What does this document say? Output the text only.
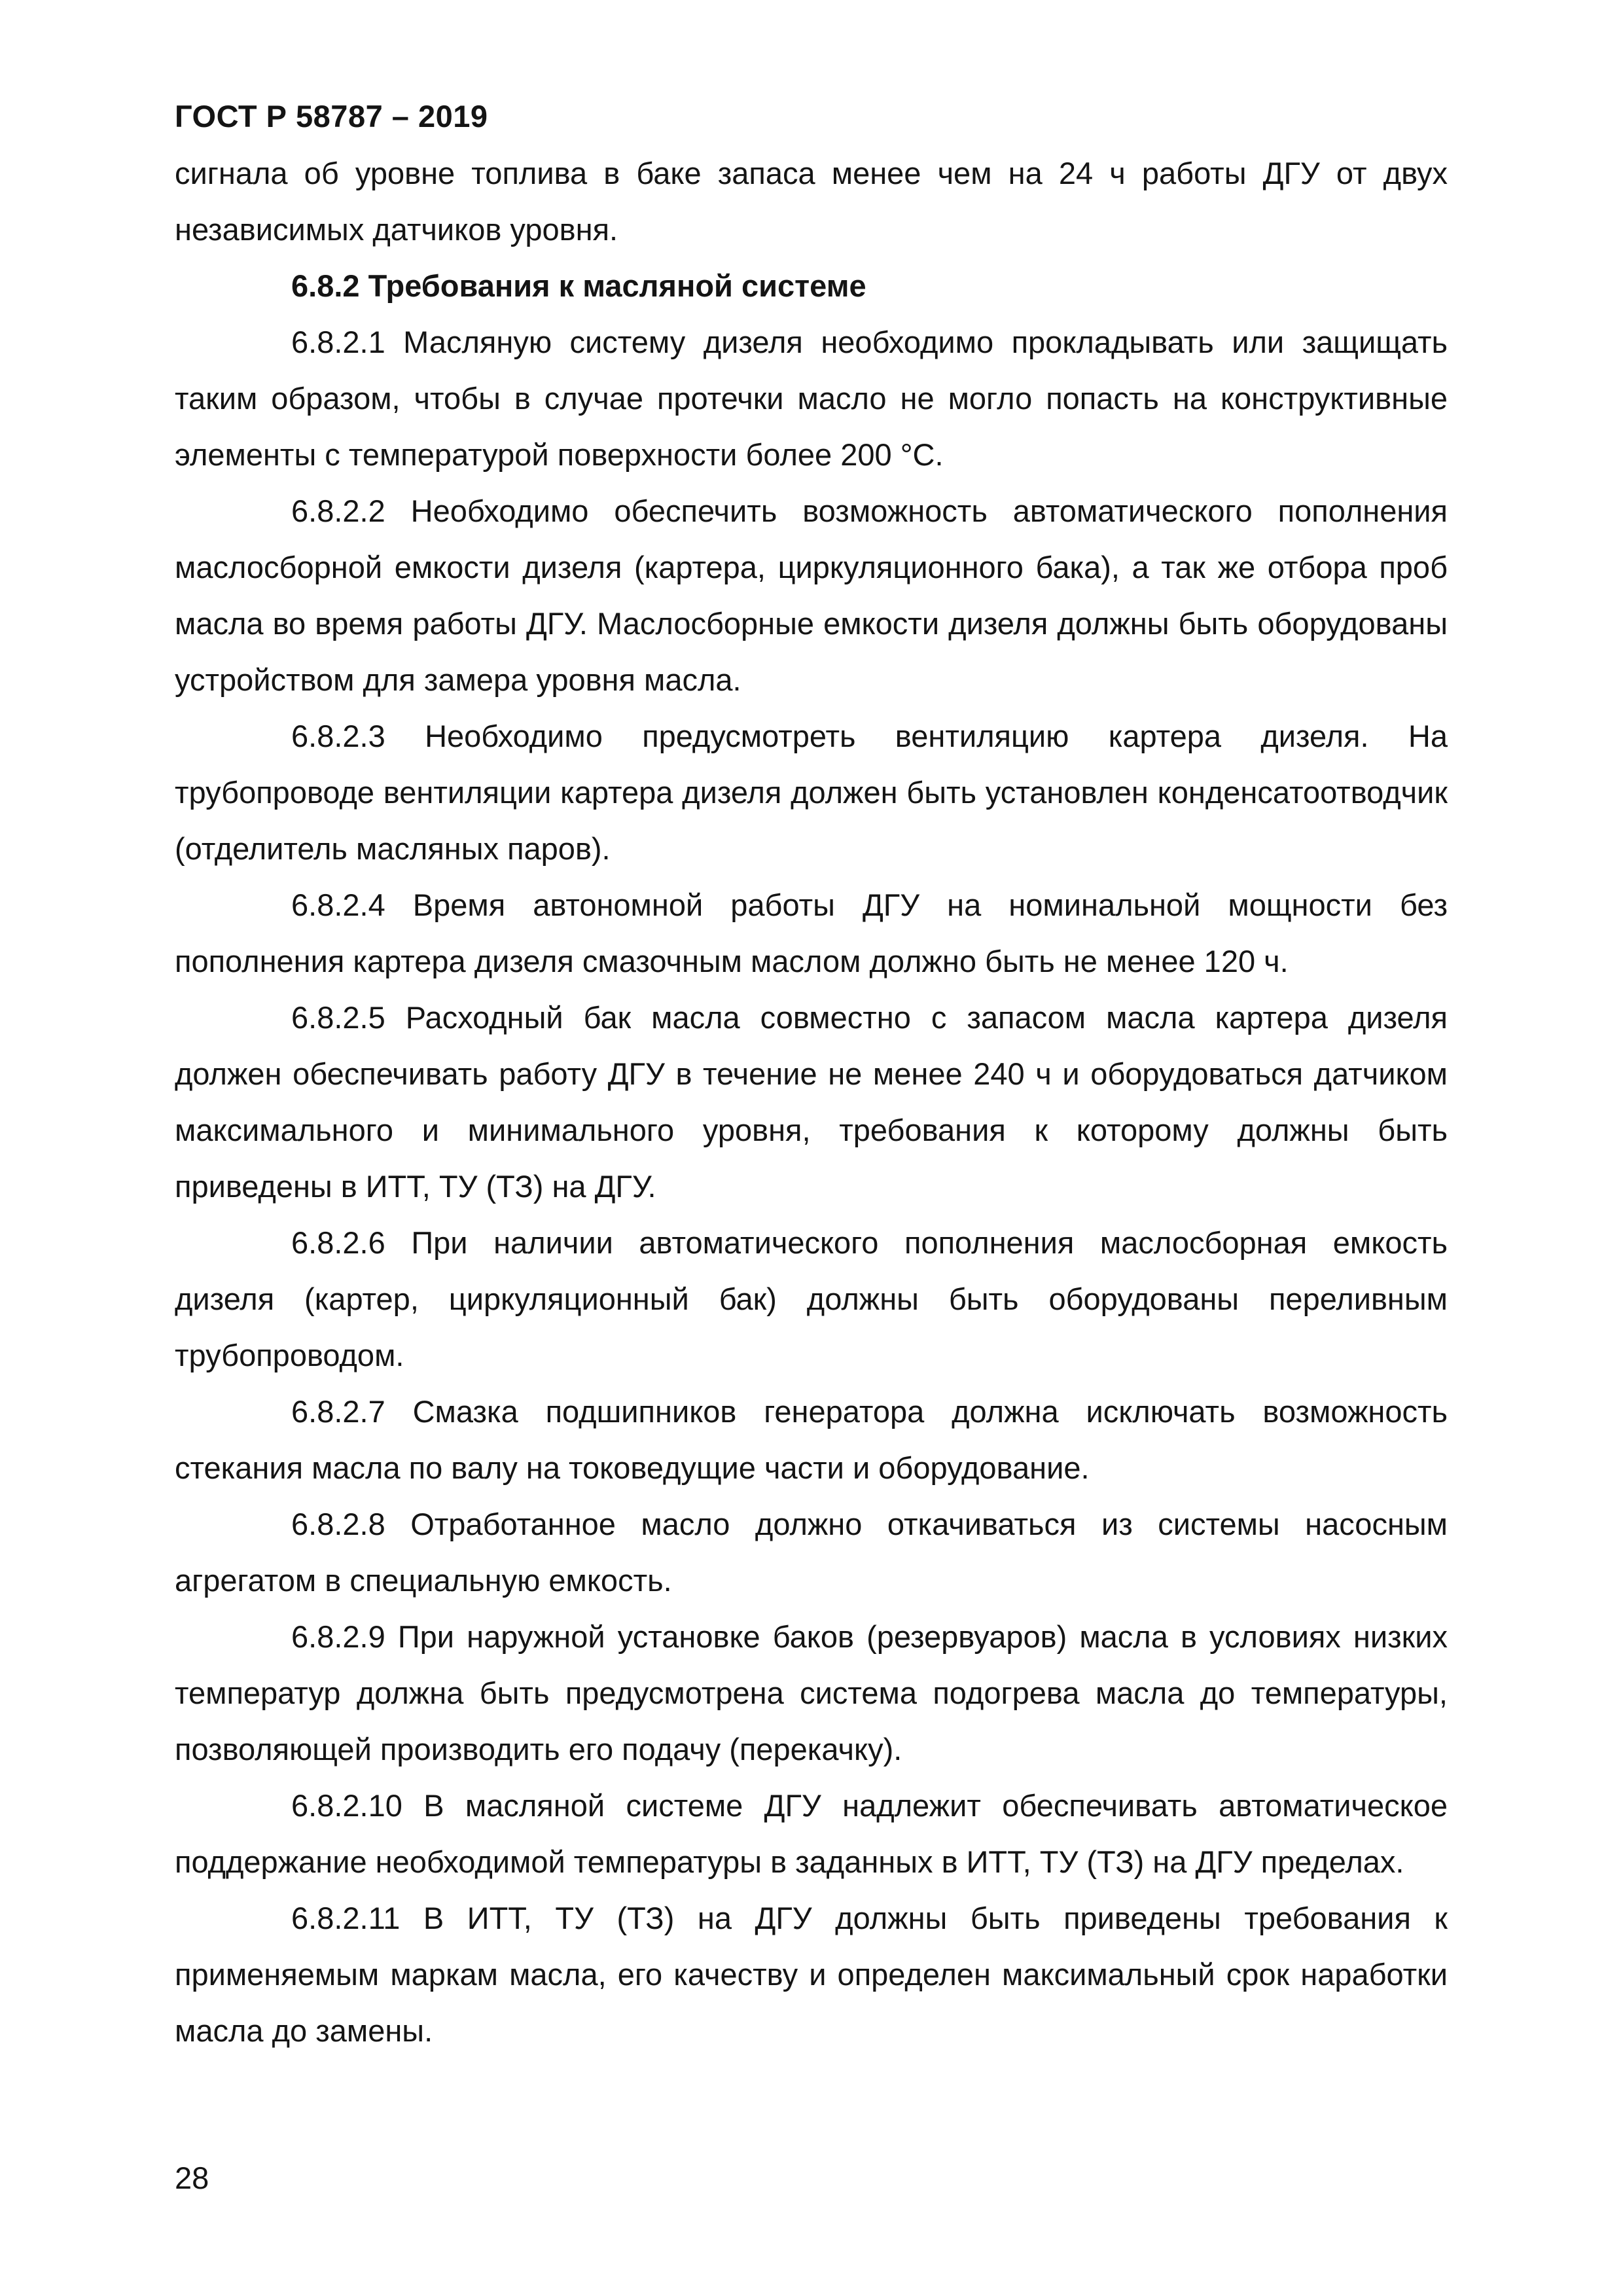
ГОСТ Р 58787 – 2019

сигнала об уровне топлива в баке запаса менее чем на 24 ч работы ДГУ от двух независимых датчиков уровня.

6.8.2 Требования к масляной системе

6.8.2.1 Масляную систему дизеля необходимо прокладывать или защищать таким образом, чтобы в случае протечки масло не могло попасть на конструктивные элементы с температурой поверхности более 200 °С.

6.8.2.2 Необходимо обеспечить возможность автоматического пополнения маслосборной емкости дизеля (картера, циркуляционного бака), а так же отбора проб масла во время работы ДГУ. Маслосборные емкости дизеля должны быть оборудованы устройством для замера уровня масла.

6.8.2.3 Необходимо предусмотреть вентиляцию картера дизеля. На трубопроводе вентиляции картера дизеля должен быть установлен конденсатоотводчик (отделитель масляных паров).

6.8.2.4 Время автономной работы ДГУ на номинальной мощности без пополнения картера дизеля смазочным маслом должно быть не менее 120 ч.

6.8.2.5 Расходный бак масла совместно с запасом масла картера дизеля должен обеспечивать работу ДГУ в течение не менее 240 ч и оборудоваться датчиком максимального и минимального уровня, требования к которому должны быть приведены в ИТТ, ТУ (ТЗ) на ДГУ.

6.8.2.6 При наличии автоматического пополнения маслосборная емкость дизеля (картер, циркуляционный бак) должны быть оборудованы переливным трубопроводом.

6.8.2.7 Смазка подшипников генератора должна исключать возможность стекания масла по валу на токоведущие части и оборудование.

6.8.2.8 Отработанное масло должно откачиваться из системы насосным агрегатом в специальную емкость.

6.8.2.9 При наружной установке баков (резервуаров) масла в условиях низких температур должна быть предусмотрена система подогрева масла до температуры, позволяющей производить его подачу (перекачку).

6.8.2.10 В масляной системе ДГУ надлежит обеспечивать автоматическое поддержание необходимой температуры в заданных в ИТТ, ТУ (ТЗ) на ДГУ пределах.

6.8.2.11 В ИТТ, ТУ (ТЗ) на ДГУ должны быть приведены требования к применяемым маркам масла, его качеству и определен максимальный срок наработки масла до замены.

28
